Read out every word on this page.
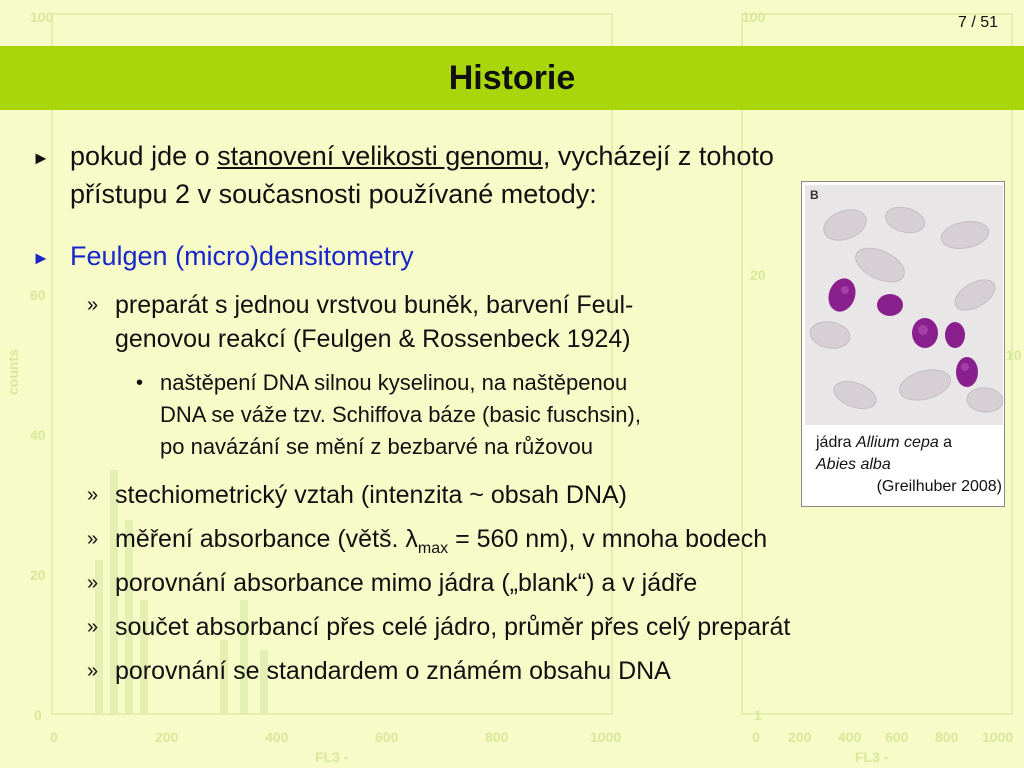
100
60
40
20
0
counts
0	200	400	600	800	1000
FL3 -
100
20
10
1
0 200 400 600 800 1000
FL3 -
7 / 51
Historie
► pokud jde o stanovení velikosti genomu, vycházejí z tohoto
přístupu 2 v současnosti používané metody:
► Feulgen (micro)densitometry
» preparát s jednou vrstvou buněk, barvení Feul-
genovou reakcí (Feulgen & Rossenbeck 1924)
• naštěpení DNA silnou kyselinou, na naštěpenou
DNA se váže tzv. Schiffova báze (basic fuschsin),
po navázání se mění z bezbarvé na růžovou
» stechiometrický vztah (intenzita ~ obsah DNA)
» měření absorbance (větš. $\lambda_{max} = 560$ nm), v mnoha bodech
» porovnání absorbance mimo jádra („blank“) a v jádře
» součet absorbancí přes celé jádro, průměr přes celý preparát
» porovnání se standardem o známém obsahu DNA
B
jádra Allium cepa a
Abies alba
(Greilhuber 2008)
